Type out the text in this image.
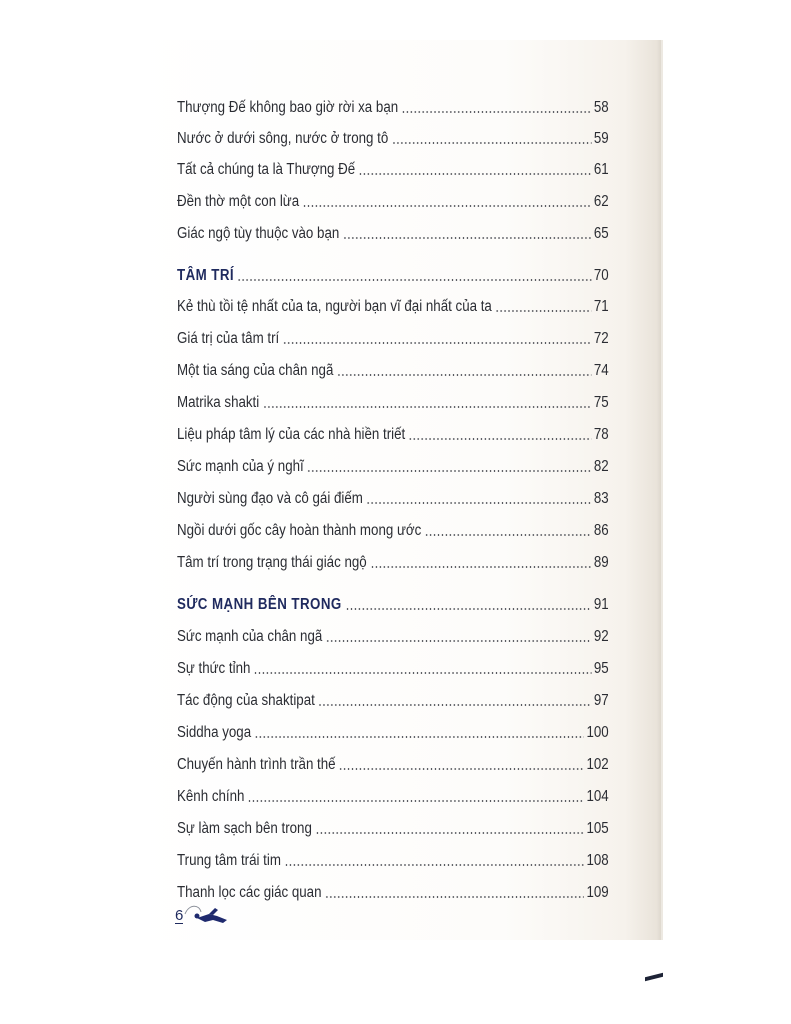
Thượng Đế không bao giờ rời xa bạn	58
Nước ở dưới sông, nước ở trong tô	59
Tất cả chúng ta là Thượng Đế	61
Đền thờ một con lừa	62
Giác ngộ tùy thuộc vào bạn	65
TÂM TRÍ	70
Kẻ thù tồi tệ nhất của ta, người bạn vĩ đại nhất của ta	71
Giá trị của tâm trí	72
Một tia sáng của chân ngã	74
Matrika shakti	75
Liệu pháp tâm lý của các nhà hiền triết	78
Sức mạnh của ý nghĩ	82
Người sùng đạo và cô gái điếm	83
Ngồi dưới gốc cây hoàn thành mong ước	86
Tâm trí trong trạng thái giác ngộ	89
SỨC MẠNH BÊN TRONG	91
Sức mạnh của chân ngã	92
Sự thức tỉnh	95
Tác động của shaktipat	97
Siddha yoga	100
Chuyến hành trình trần thế	102
Kênh chính	104
Sự làm sạch bên trong	105
Trung tâm trái tim	108
Thanh lọc các giác quan	109
6
